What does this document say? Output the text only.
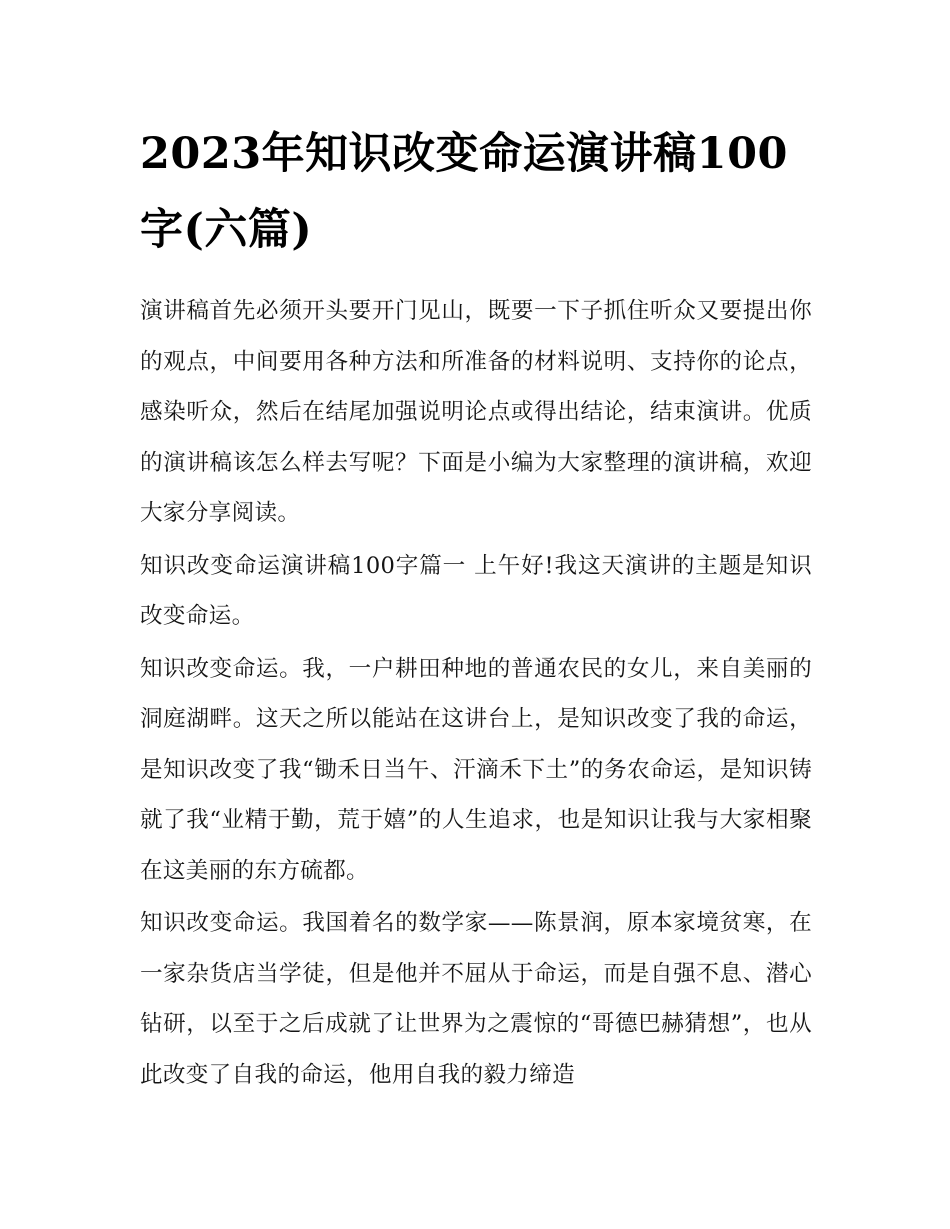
2023年知识改变命运演讲稿100字(六篇)

演讲稿首先必须开头要开门见山，既要一下子抓住听众又要提出你的观点，中间要用各种方法和所准备的材料说明、支持你的论点，感染听众，然后在结尾加强说明论点或得出结论，结束演讲。优质的演讲稿该怎么样去写呢？下面是小编为大家整理的演讲稿，欢迎大家分享阅读。

知识改变命运演讲稿100字篇一 上午好!我这天演讲的主题是知识改变命运。

知识改变命运。我，一户耕田种地的普通农民的女儿，来自美丽的洞庭湖畔。这天之所以能站在这讲台上，是知识改变了我的命运，是知识改变了我“锄禾日当午、汗滴禾下土”的务农命运，是知识铸就了我“业精于勤，荒于嬉”的人生追求，也是知识让我与大家相聚在这美丽的东方硫都。

知识改变命运。我国着名的数学家——陈景润，原本家境贫寒，在一家杂货店当学徒，但是他并不屈从于命运，而是自强不息、潜心钻研，以至于之后成就了让世界为之震惊的“哥德巴赫猜想”，也从此改变了自我的命运，他用自我的毅力缔造
